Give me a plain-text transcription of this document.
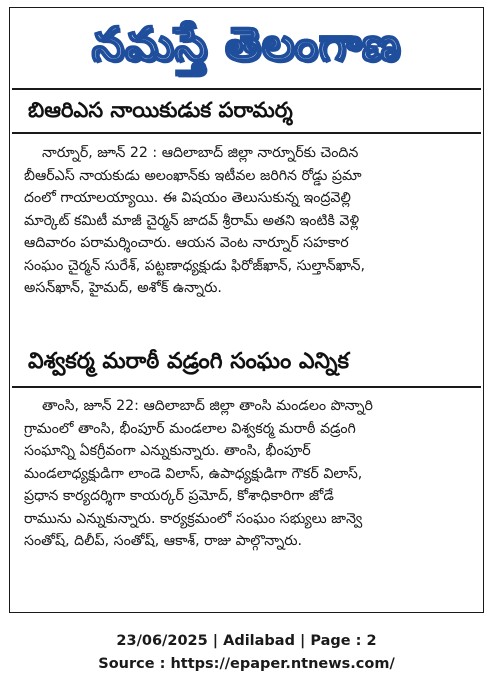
నమస్తే తెలంగాణ
బిఆరిఎస నాయికుడుక పరామర్శ
నార్నూర్, జూన్ 22 : ఆదిలాబాద్ జిల్లా నార్నూర్‌కు చెందిన
బీఆర్ఎస్ నాయకుడు అలంఖాన్‌కు ఇటీవల జరిగిన రోడ్డు ప్రమా
దంలో గాయాలయ్యాయి. ఈ విషయం తెలుసుకున్న ఇంద్రవెల్లి
మార్కెట్ కమిటీ మాజీ చైర్మన్ జాదవ్ శ్రీరామ్ అతని ఇంటికి వెళ్లి
ఆదివారం పరామర్శించారు. ఆయన వెంట నార్నూర్ సహకార
సంఘం చైర్మన్ సురేశ్, పట్టణాధ్యక్షుడు ఫిరోజ్‌ఖాన్, సుల్తాన్‌ఖాన్,
అసన్‌ఖాన్, హైమద్, అశోక్ ఉన్నారు.
విశ్వకర్మ మరాఠీ వడ్రంగి సంఘం ఎన్నిక
తాంసి, జూన్ 22: ఆదిలాబాద్ జిల్లా తాంసి మండలం పొన్నారి
గ్రామంలో తాంసి, భీంపూర్ మండలాల విశ్వకర్మ మరాఠీ వడ్రంగి
సంఘాన్ని ఏకగ్రీవంగా ఎన్నుకున్నారు. తాంసి, భీంపూర్
మండలాధ్యక్షుడిగా లాండె విలాస్, ఉపాధ్యక్షుడిగా గౌకర్ విలాస్,
ప్రధాన కార్యదర్శిగా కాయర్కర్ ప్రమోద్, కోశాధికారిగా జోడే
రామును ఎన్నుకున్నారు. కార్యక్రమంలో సంఘం సభ్యులు జాన్వె
సంతోష్, దిలీప్, సంతోష్, ఆకాశ్, రాజు పాల్గొన్నారు.
23/06/2025 | Adilabad | Page : 2
Source : https://epaper.ntnews.com/
